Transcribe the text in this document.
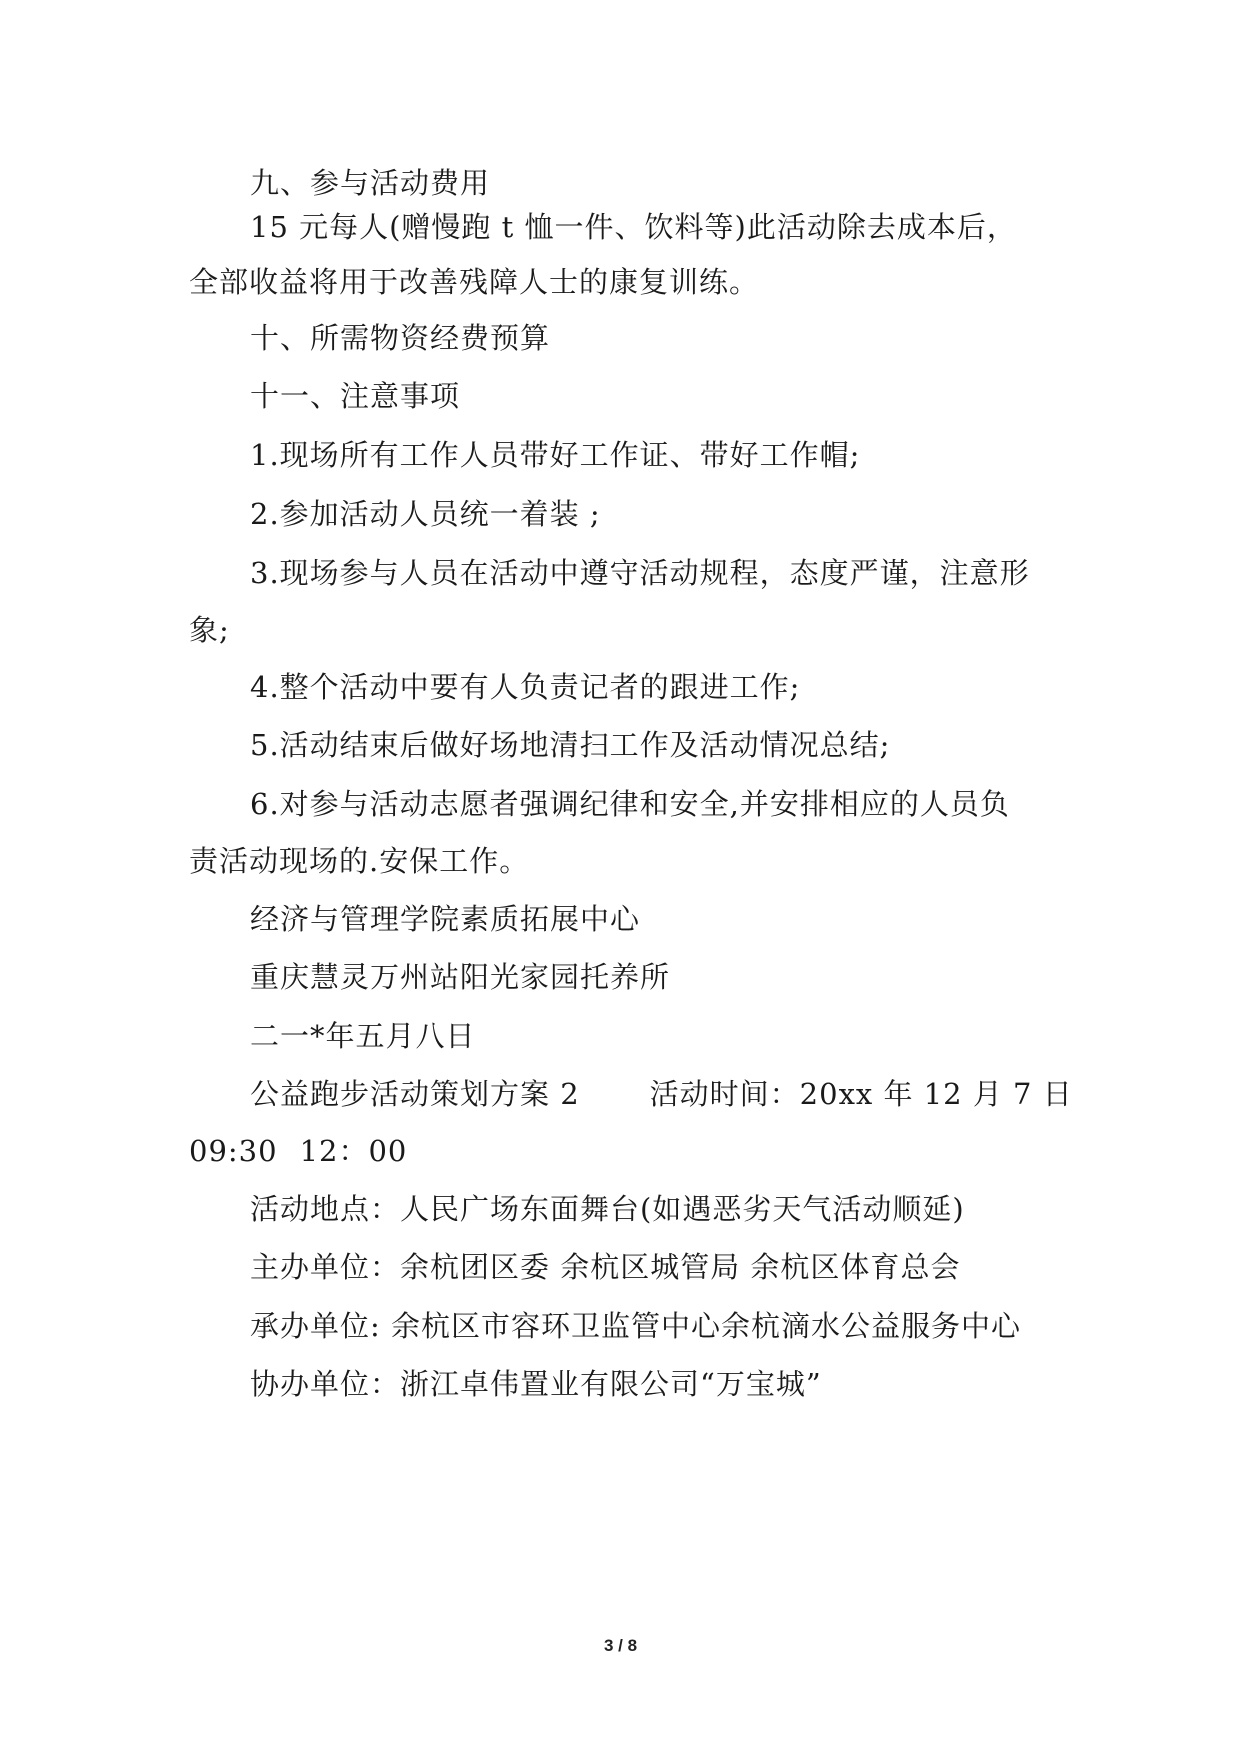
九、参与活动费用
15 元每人(赠慢跑 t 恤一件、饮料等)此活动除去成本后，
全部收益将用于改善残障人士的康复训练。
十、所需物资经费预算
十一、注意事项
1.现场所有工作人员带好工作证、带好工作帽;
2.参加活动人员统一着装 ;
3.现场参与人员在活动中遵守活动规程，态度严谨，注意形
象;
4.整个活动中要有人负责记者的跟进工作;
5.活动结束后做好场地清扫工作及活动情况总结;
6.对参与活动志愿者强调纪律和安全,并安排相应的人员负
责活动现场的.安保工作。
经济与管理学院素质拓展中心
重庆慧灵万州站阳光家园托养所
二一*年五月八日
公益跑步活动策划方案 2 活动时间：20xx 年 12 月 7 日
09:30 12：00
活动地点：人民广场东面舞台(如遇恶劣天气活动顺延)
主办单位：余杭团区委 余杭区城管局 余杭区体育总会
承办单位: 余杭区市容环卫监管中心余杭滴水公益服务中心
协办单位：浙江卓伟置业有限公司“万宝城”
3 / 8
